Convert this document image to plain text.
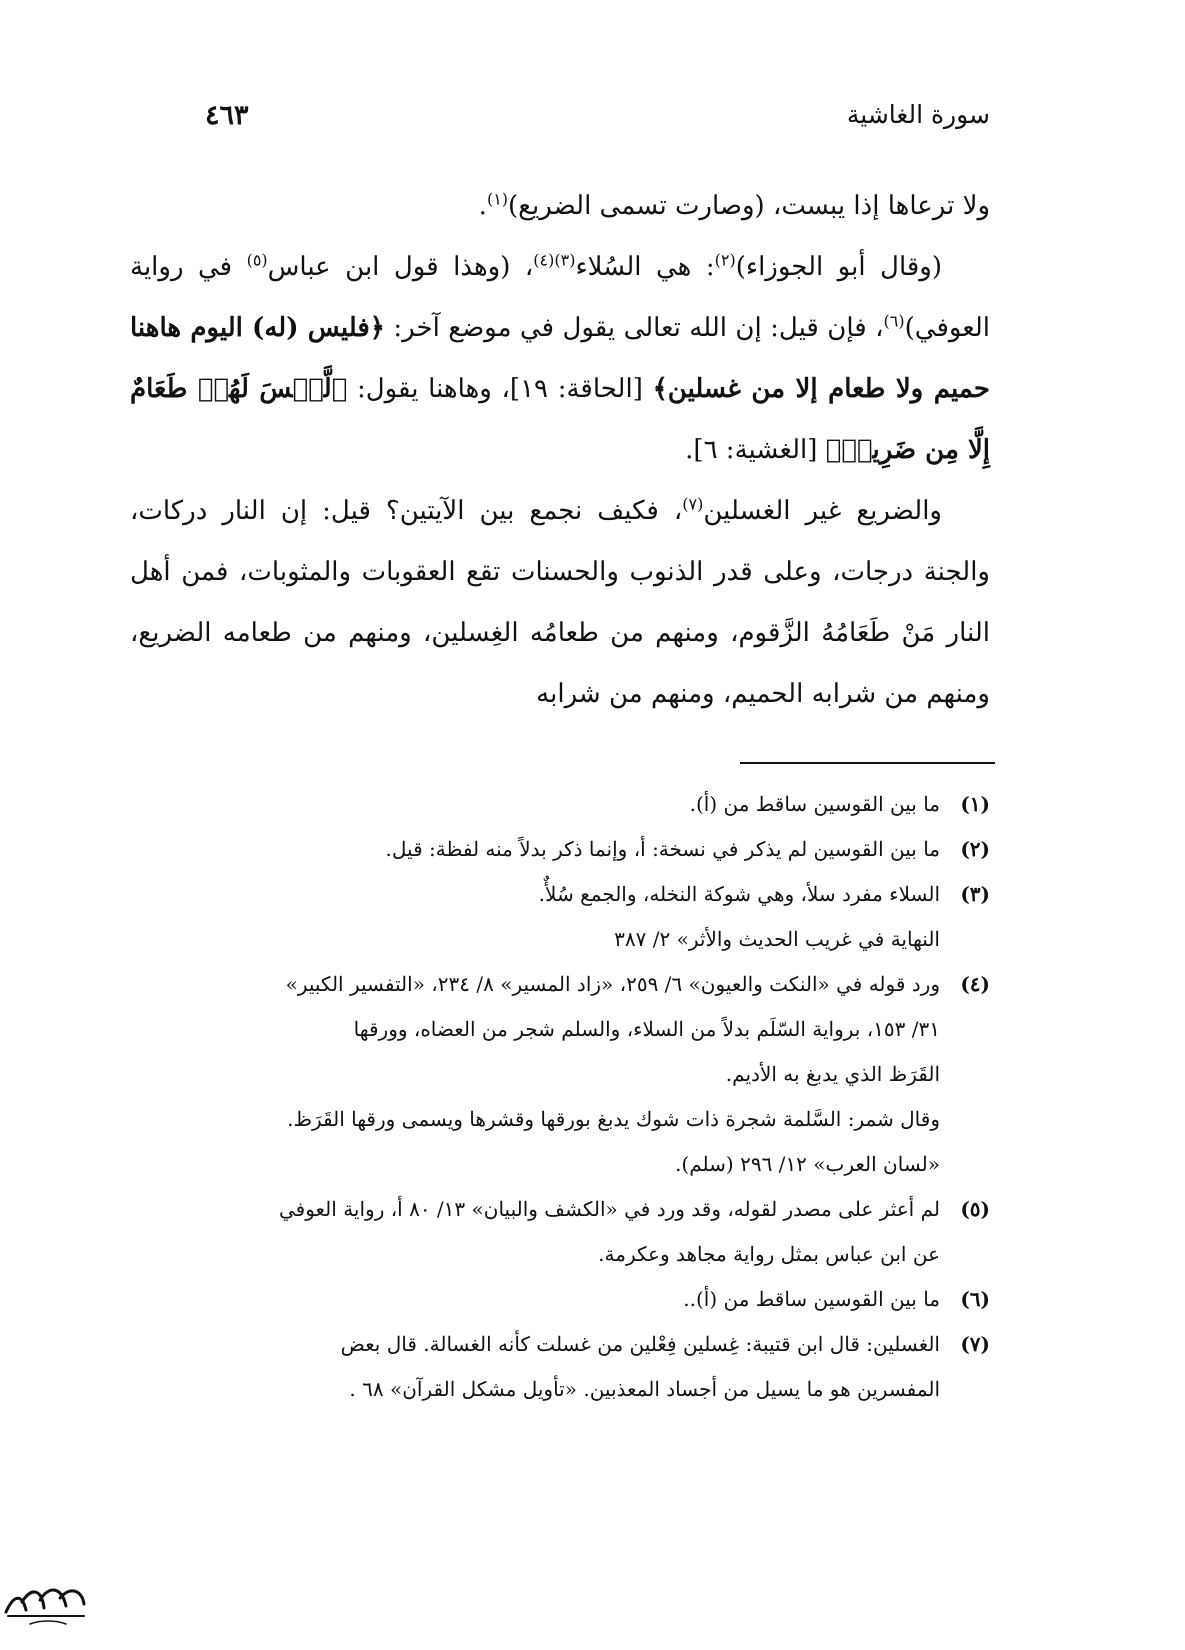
سورة الغاشية
٤٦٣

ولا ترعاها إذا يبست، (وصارت تسمى الضريع)$^{(١)}$.

(وقال أبو الجوزاء)$^{(٢)}$: هي السُلاء$^{(٣)(٤)}$، (وهذا قول ابن عباس$^{(٥)}$ في رواية العوفي)$^{(٦)}$، فإن قيل: إن الله تعالى يقول في موضع آخر: ﴿فليس (له) اليوم هاهنا حميم ولا طعام إلا من غسلين﴾ [الحاقة: ١٩]، وهاهنا يقول: ﴿لَّيۡسَ لَهُمۡ طَعَامٌ إِلَّا مِن ضَرِيعٖ﴾ [الغشية: ٦].

والضريع غير الغسلين$^{(٧)}$، فكيف نجمع بين الآيتين؟ قيل: إن النار دركات، والجنة درجات، وعلى قدر الذنوب والحسنات تقع العقوبات والمثوبات، فمن أهل النار مَنْ طَعَامُهُ الزَّقوم، ومنهم من طعامُه الغِسلين، ومنهم من طعامه الضريع، ومنهم من شرابه الحميم، ومنهم من شرابه

(١)
ما بين القوسين ساقط من (أ).
(٢)
ما بين القوسين لم يذكر في نسخة: أ، وإنما ذكر بدلاً منه لفظة: قيل.
(٣)
السلاء مفرد سلأ، وهي شوكة النخله، والجمع سُلأٌ.
النهاية في غريب الحديث والأثر» ٢/ ٣٨٧
(٤)
ورد قوله في «النكت والعيون» ٦/ ٢٥٩، «زاد المسير» ٨/ ٢٣٤، «التفسير الكبير»
٣١/ ١٥٣، برواية السّلَم بدلاً من السلاء، والسلم شجر من العضاه، وورقها
القَرَظ الذي يدبغ به الأديم.
وقال شمر: السَّلمة شجرة ذات شوك يدبغ بورقها وقشرها ويسمى ورقها القَرَظ.
«لسان العرب» ١٢/ ٢٩٦ (سلم).
(٥)
لم أعثر على مصدر لقوله، وقد ورد في «الكشف والبيان» ١٣/ ٨٠ أ، رواية العوفي
عن ابن عباس بمثل رواية مجاهد وعكرمة.
(٦)
ما بين القوسين ساقط من (أ)..
(٧)
الغسلين: قال ابن قتيبة: غِسلين فِعْلين من غسلت كأنه الغسالة. قال بعض
المفسرين هو ما يسيل من أجساد المعذبين. «تأويل مشكل القرآن» ٦٨ .
